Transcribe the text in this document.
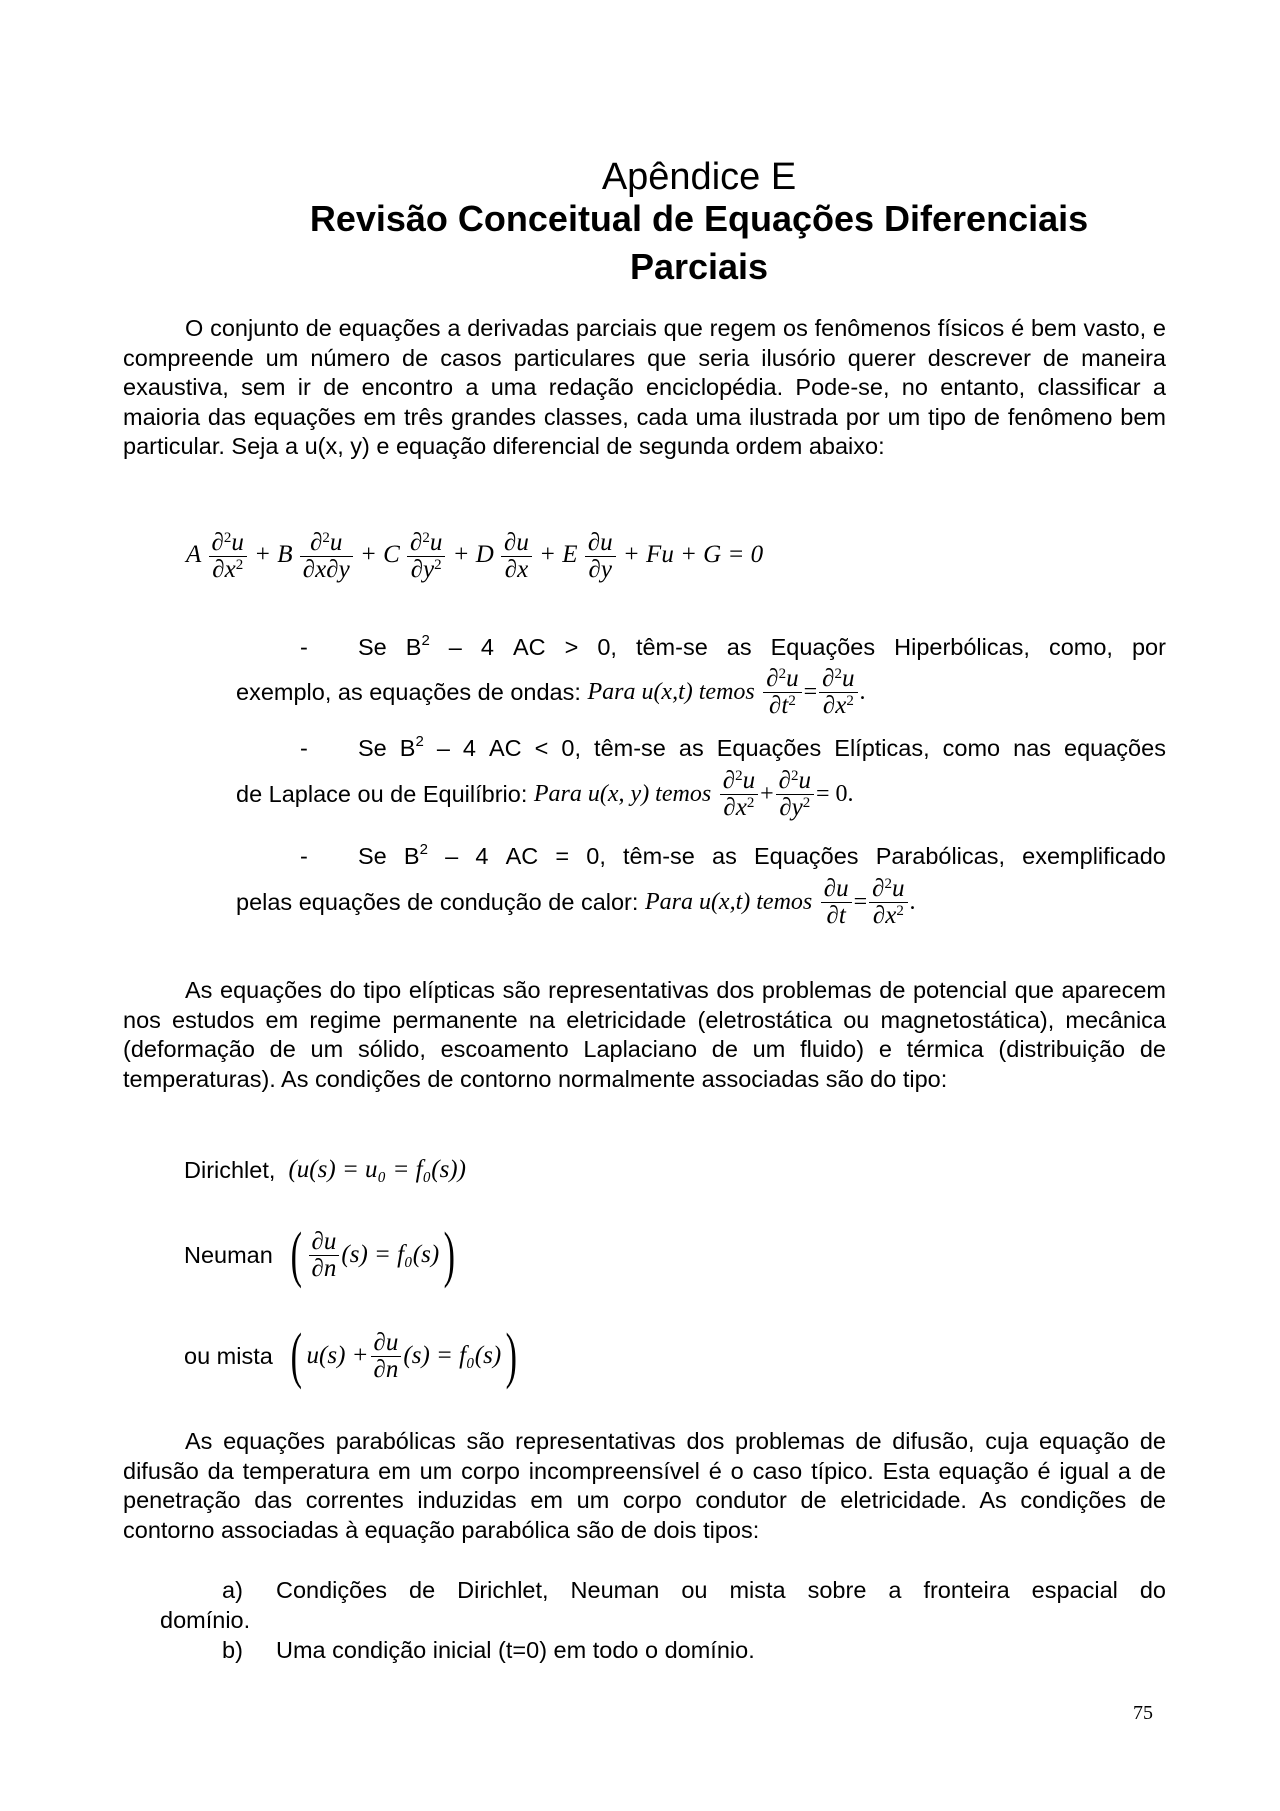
Apêndice E
Revisão Conceitual de Equações Diferenciais
Parciais

O conjunto de equações a derivadas parciais que regem os fenômenos físicos é bem vasto, e compreende um número de casos particulares que seria ilusório querer descrever de maneira exaustiva, sem ir de encontro a uma redação enciclopédia. Pode-se, no entanto, classificar a maioria das equações em três grandes classes, cada uma ilustrada por um tipo de fenômeno bem particular. Seja a u(x, y) e equação diferencial de segunda ordem abaixo:

A $\frac{\partial^2u}{\partial x^2} + B \frac{\partial^2u}{\partial x\partial y} + C \frac{\partial^2u}{\partial y^2} + D \frac{\partial u}{\partial x} + E \frac{\partial u}{\partial y} + Fu + G = 0$
- Se $B^2 - 4$ AC > 0, têm-se as Equações Hiperbólicas, como, por
exemplo, as equações de ondas:
Para u(x,t) temos
$\frac{\partial^2u}{\partial t^2} = \frac{\partial^2u}{\partial x^2}$ .
- Se $B^2 - 4$ AC < 0, têm-se as Equações Elípticas, como nas equações
de Laplace ou de Equilíbrio:
Para u(x, y) temos
$\frac{\partial^2u}{\partial x^2} + \frac{\partial^2u}{\partial y^2} = 0$.
- Se $B^2 - 4$ AC = 0, têm-se as Equações Parabólicas, exemplificado
pelas equações de condução de calor:
Para u(x,t) temos
$\frac{\partial u}{\partial t} = \frac{\partial^2u}{\partial x^2}$ .

As equações do tipo elípticas são representativas dos problemas de potencial que aparecem nos estudos em regime permanente na eletricidade (eletrostática ou magnetostática), mecânica (deformação de um sólido, escoamento Laplaciano de um fluido) e térmica (distribuição de temperaturas). As condições de contorno normalmente associadas são do tipo:

Dirichlet,
(u(s) = u₀ = f₀(s))
Neuman
( $\frac{\partial u}{\partial n} (s) = f_0(s)$ )
ou mista
( $u(s) + \frac{\partial u}{\partial n} (s) = f_0(s)$ )

As equações parabólicas são representativas dos problemas de difusão, cuja equação de difusão da temperatura em um corpo incompreensível é o caso típico. Esta equação é igual a de penetração das correntes induzidas em um corpo condutor de eletricidade. As condições de contorno associadas à equação parabólica são de dois tipos:

a) Condições de Dirichlet, Neuman ou mista sobre a fronteira espacial do
domínio.
b) Uma condição inicial (t=0) em todo o domínio.
75
